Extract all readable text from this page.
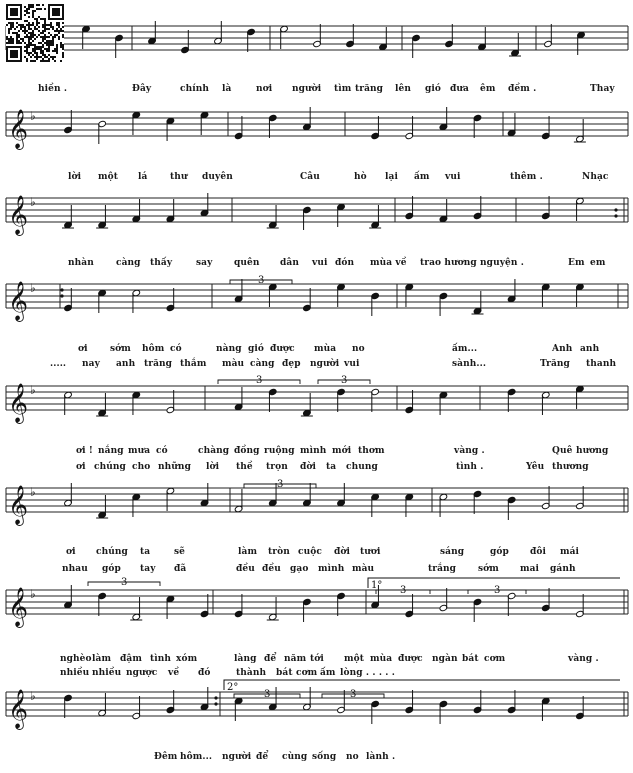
𝄞 ♭
𝄞 ♭
𝄞 ♭
𝄞 ♭
𝄞 ♭
𝄞 ♭
𝄞 ♭
3
3	3
3
3
3	3
3	3
1°
2°
hiền .	Đây	chính là	nơi người tìm trăng lên gió đưa êm đềm .	Thay
lời một lá	thư duyên	Câu	hò lại ấm vui	thêm .	Nhạc
nhàn càng thấy	say quên dân vui đón mùa về trao hương nguyện .	Em em
ơi sớm hôm có	nàng gió được mùa no	ấm...	Anh anh
..... nay anh trăng thắm màu càng đẹp người vui	sành...	Trăng thanh
ơi ! nắng mưa có	chàng đồng ruộng mình mới thơm	vàng .	Quê hương
ơi chúng cho những lời thề trọn đời ta chung	tình .	Yêu thương
ơi chúng ta	sẽ	làm tròn cuộc đời tươi	sáng	góp đôi mái
nhau góp tay đã	đều đều gạo mình màu	trắng sớm mai gánh
nghèo làm đậm tình xóm	làng để năm tới một mùa được ngàn bát cơm	vàng .
nhiều nhiều ngược về đó	thành bát cơm ấm lòng . . . . .
Đêm hôm... người để cùng sống no lành .
